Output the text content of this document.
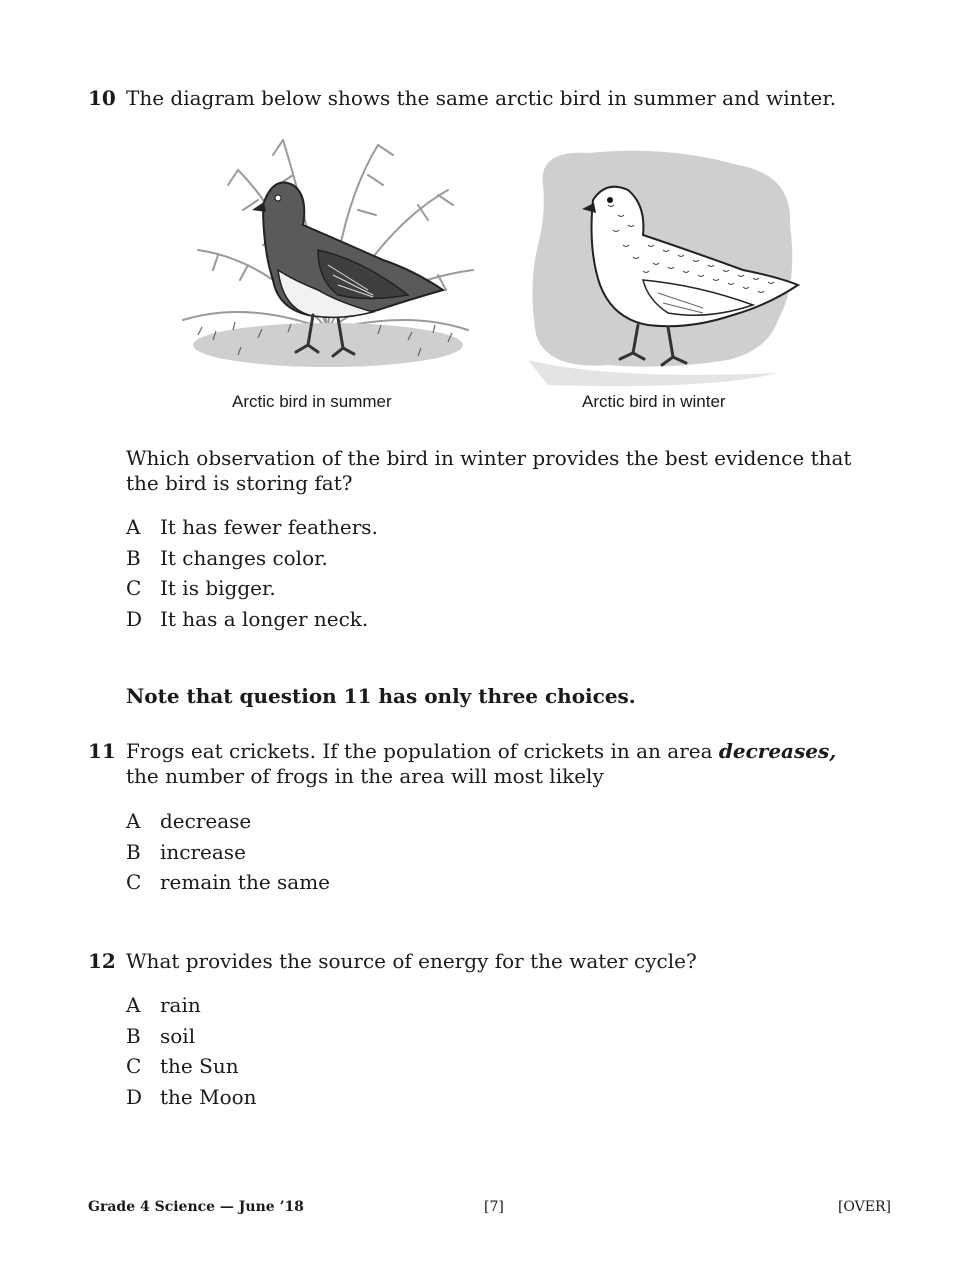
10 The diagram below shows the same arctic bird in summer and winter.
Arctic bird in summer	Arctic bird in winter
Which observation of the bird in winter provides the best evidence that the bird is storing fat?
A It has fewer feathers.
B It changes color.
C It is bigger.
D It has a longer neck.
Note that question 11 has only three choices.
11 Frogs eat crickets. If the population of crickets in an area decreases,
the number of frogs in the area will most likely
A decrease
B increase
C remain the same
12 What provides the source of energy for the water cycle?
A rain
B soil
C the Sun
D the Moon
Grade 4 Science — June ’18	[7]	[OVER]
